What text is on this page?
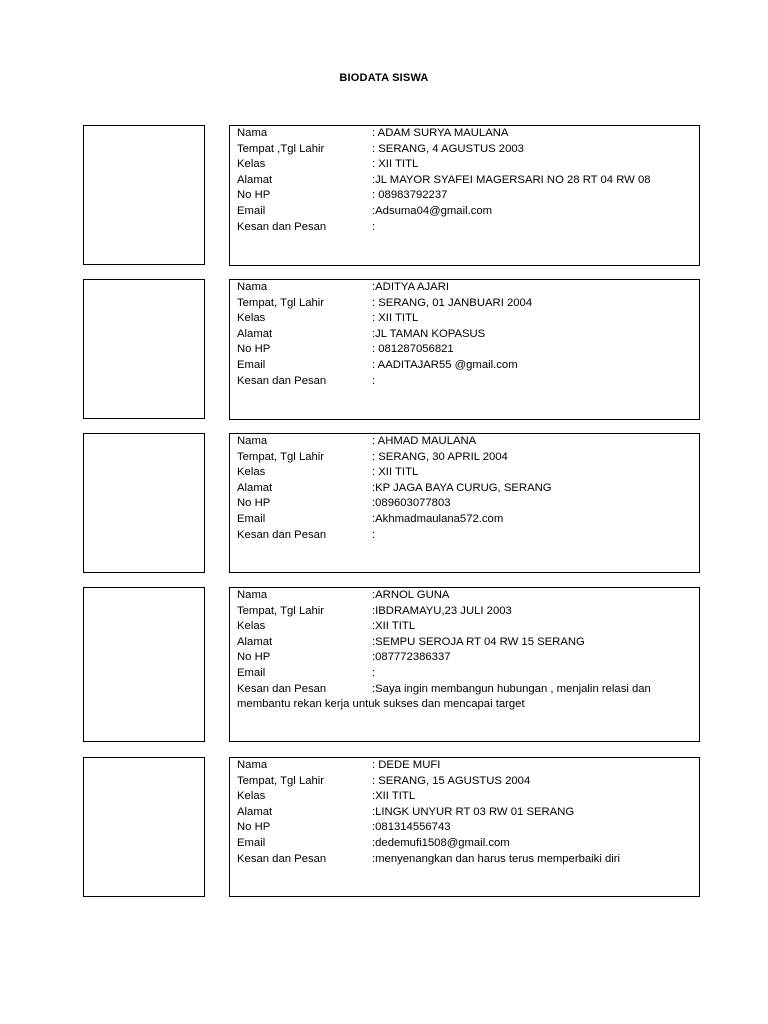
BIODATA SISWA
Nama	: ADAM SURYA MAULANA
Tempat ,Tgl Lahir	: SERANG, 4 AGUSTUS 2003
Kelas	: XII TITL
Alamat	:JL MAYOR SYAFEI MAGERSARI NO 28 RT 04 RW 08
No HP	: 08983792237
Email	:Adsuma04@gmail.com
Kesan dan Pesan	:
Nama	:ADITYA AJARI
Tempat, Tgl Lahir	: SERANG, 01 JANBUARI 2004
Kelas	: XII TITL
Alamat	:JL TAMAN KOPASUS
No HP	: 081287056821
Email	: AADITAJAR55 @gmail.com
Kesan dan Pesan	:
Nama	: AHMAD MAULANA
Tempat, Tgl Lahir	: SERANG, 30 APRIL 2004
Kelas	: XII TITL
Alamat	:KP JAGA BAYA CURUG, SERANG
No HP	:089603077803
Email	:Akhmadmaulana572.com
Kesan dan Pesan	:
Nama	:ARNOL GUNA
Tempat, Tgl Lahir	:IBDRAMAYU,23 JULI 2003
Kelas	:XII TITL
Alamat	:SEMPU SEROJA RT 04 RW 15 SERANG
No HP	:087772386337
Email	:
Kesan dan Pesan	:Saya ingin membangun hubungan , menjalin relasi dan membantu rekan kerja untuk sukses dan mencapai target
Nama	: DEDE MUFI
Tempat, Tgl Lahir	: SERANG, 15 AGUSTUS 2004
Kelas	:XII TITL
Alamat	:LINGK UNYUR RT 03 RW 01 SERANG
No HP	:081314556743
Email	:dedemufi1508@gmail.com
Kesan dan Pesan	:menyenangkan dan harus terus memperbaiki diri
